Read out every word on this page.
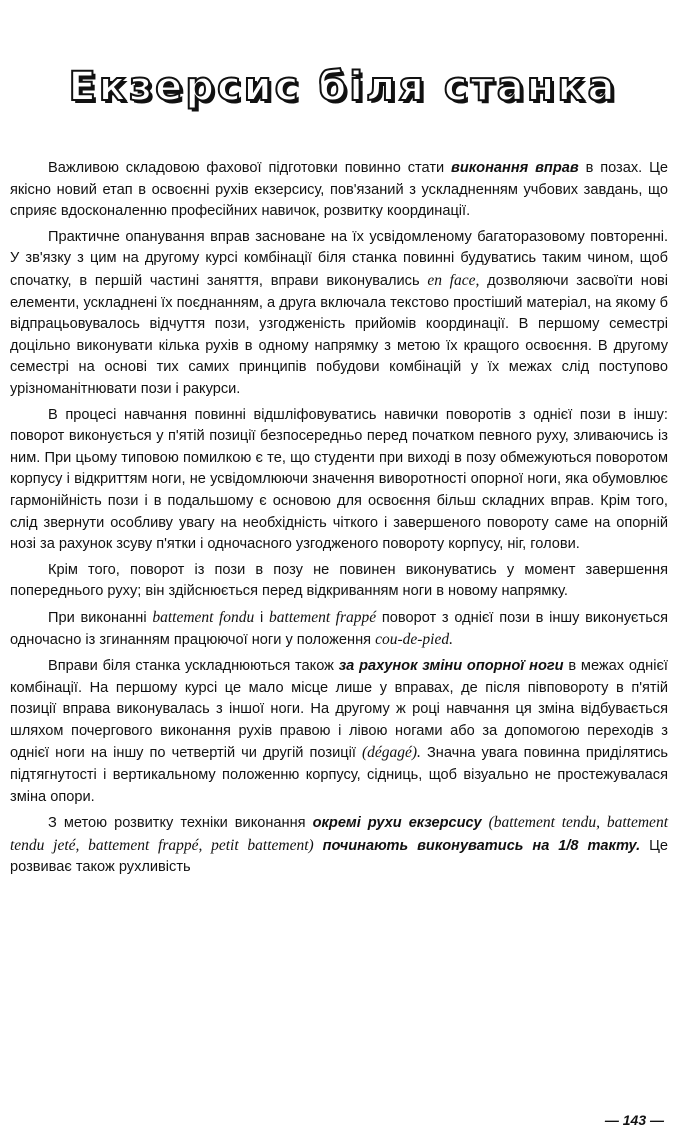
Екзерсис біля станка

Важливою складовою фахової підготовки повинно стати виконання вправ в позах. Це якісно новий етап в освоєнні рухів екзерсису, пов'язаний з ускладненням учбових завдань, що сприяє вдосконаленню професійних навичок, розвитку координації.

Практичне опанування вправ засноване на їх усвідомленому багаторазовому повторенні. У зв'язку з цим на другому курсі комбінації біля станка повинні будуватись таким чином, щоб спочатку, в першій частині заняття, вправи виконувались en face, дозволяючи засвоїти нові елементи, ускладнені їх поєднанням, а друга включала текстово простіший матеріал, на якому б відпрацьовувалось відчуття пози, узгодженість прийомів координації. В першому семестрі доцільно виконувати кілька рухів в одному напрямку з метою їх кращого освоєння. В другому семестрі на основі тих самих принципів побудови комбінацій у їх межах слід поступово урізноманітнювати пози і ракурси.

В процесі навчання повинні відшліфовуватись навички поворотів з однієї пози в іншу: поворот виконується у п'ятій позиції безпосередньо перед початком певного руху, зливаючись із ним. При цьому типовою помилкою є те, що студенти при виході в позу обмежуються поворотом корпусу і відкриттям ноги, не усвідомлюючи значення виворотності опорної ноги, яка обумовлює гармонійність пози і в подальшому є основою для освоєння більш складних вправ. Крім того, слід звернути особливу увагу на необхідність чіткого і завершеного повороту саме на опорній нозі за рахунок зсуву п'ятки і одночасного узгодженого повороту корпусу, ніг, голови.

Крім того, поворот із пози в позу не повинен виконуватись у момент завершення попереднього руху; він здійснюється перед відкриванням ноги в новому напрямку.

При виконанні battement fondu і battement frappé поворот з однієї пози в іншу виконується одночасно із згинанням працюючої ноги у положення cou-de-pied.

Вправи біля станка ускладнюються також за рахунок зміни опорної ноги в межах однієї комбінації. На першому курсі це мало місце лише у вправах, де після півповороту в п'ятій позиції вправа виконувалась з іншої ноги. На другому ж році навчання ця зміна відбувається шляхом почергового виконання рухів правою і лівою ногами або за допомогою переходів з однієї ноги на іншу по четвертій чи другій позиції (dégagé). Значна увага повинна приділятись підтягнутості і вертикальному положенню корпусу, сідниць, щоб візуально не простежувалася зміна опори.

З метою розвитку техніки виконання окремі рухи екзерсису (battement tendu, battement tendu jeté, battement frappé, petit battement) починають виконуватись на 1/8 такту. Це розвиває також рухливість

— 143 —
